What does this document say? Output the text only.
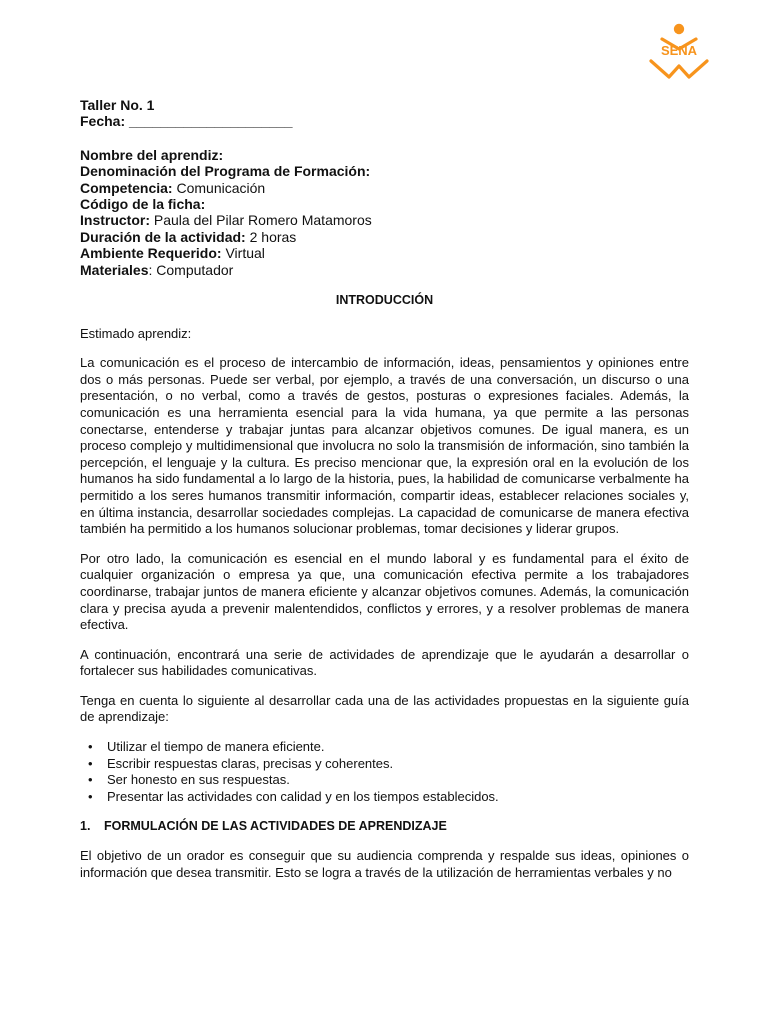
SENA
Taller No. 1
Fecha: _____________________
Nombre del aprendiz:
Denominación del Programa de Formación:
Competencia: Comunicación
Código de la ficha:
Instructor: Paula del Pilar Romero Matamoros
Duración de la actividad: 2 horas
Ambiente Requerido: Virtual
Materiales: Computador
INTRODUCCIÓN

Estimado aprendiz:

La comunicación es el proceso de intercambio de información, ideas, pensamientos y opiniones entre dos o más personas. Puede ser verbal, por ejemplo, a través de una conversación, un discurso o una presentación, o no verbal, como a través de gestos, posturas o expresiones faciales. Además, la comunicación es una herramienta esencial para la vida humana, ya que permite a las personas conectarse, entenderse y trabajar juntas para alcanzar objetivos comunes. De igual manera, es un proceso complejo y multidimensional que involucra no solo la transmisión de información, sino también la percepción, el lenguaje y la cultura. Es preciso mencionar que, la expresión oral en la evolución de los humanos ha sido fundamental a lo largo de la historia, pues, la habilidad de comunicarse verbalmente ha permitido a los seres humanos transmitir información, compartir ideas, establecer relaciones sociales y, en última instancia, desarrollar sociedades complejas. La capacidad de comunicarse de manera efectiva también ha permitido a los humanos solucionar problemas, tomar decisiones y liderar grupos.

Por otro lado, la comunicación es esencial en el mundo laboral y es fundamental para el éxito de cualquier organización o empresa ya que, una comunicación efectiva permite a los trabajadores coordinarse, trabajar juntos de manera eficiente y alcanzar objetivos comunes. Además, la comunicación clara y precisa ayuda a prevenir malentendidos, conflictos y errores, y a resolver problemas de manera efectiva.

A continuación, encontrará una serie de actividades de aprendizaje que le ayudarán a desarrollar o fortalecer sus habilidades comunicativas.

Tenga en cuenta lo siguiente al desarrollar cada una de las actividades propuestas en la siguiente guía de aprendizaje:

• Utilizar el tiempo de manera eficiente.
• Escribir respuestas claras, precisas y coherentes.
• Ser honesto en sus respuestas.
• Presentar las actividades con calidad y en los tiempos establecidos.
1. FORMULACIÓN DE LAS ACTIVIDADES DE APRENDIZAJE

El objetivo de un orador es conseguir que su audiencia comprenda y respalde sus ideas, opiniones o información que desea transmitir. Esto se logra a través de la utilización de herramientas verbales y no
